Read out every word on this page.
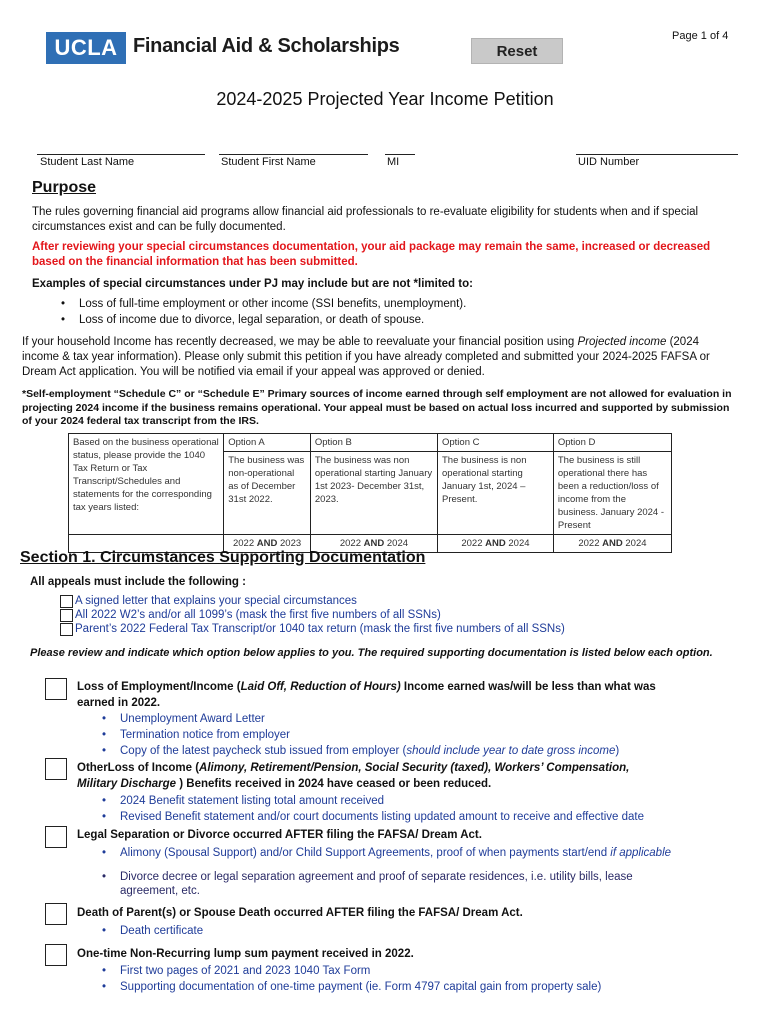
UCLA Financial Aid & Scholarships	Reset
Page 1 of 4
2024-2025 Projected Year Income Petition
Student Last Name	Student First Name	MI	UID Number
Purpose
The rules governing financial aid programs allow financial aid professionals to re-evaluate eligibility for students when and if special circumstances exist and can be fully documented.
After reviewing your special circumstances documentation, your aid package may remain the same, increased or decreased based on the financial information that has been submitted.
Examples of special circumstances under PJ may include but are not *limited to:
• Loss of full-time employment or other income (SSI benefits, unemployment).
• Loss of income due to divorce, legal separation, or death of spouse.
If your household Income has recently decreased, we may be able to reevaluate your financial position using Projected income (2024 income & tax year information). Please only submit this petition if you have already completed and submitted your 2024-2025 FAFSA or Dream Act application. You will be notified via email if your appeal was approved or denied.
*Self-employment “Schedule C” or “Schedule E” Primary sources of income earned through self employment are not allowed for evaluation in projecting 2024 income if the business remains operational. Your appeal must be based on actual loss incurred and supported by submission of your 2024 federal tax transcript from the IRS.
Based on the business operational status, please provide the 1040 Tax Return or Tax Transcript/Schedules and statements for the corresponding tax years listed:	Option A	Option B	Option C	Option D
	The business was non-operational as of December 31st 2022.	The business was non operational starting January 1st 2023- December 31st, 2023.	The business is non operational starting January 1st, 2024 – Present.	The business is still operational there has been a reduction/loss of income from the business. January 2024 - Present
	2022 AND 2023	2022 AND 2024	2022 AND 2024	2022 AND 2024
Section 1. Circumstances Supporting Documentation
All appeals must include the following :
A signed letter that explains your special circumstances
All 2022 W2’s and/or all 1099’s (mask the first five numbers of all SSNs)
Parent’s 2022 Federal Tax Transcript/or 1040 tax return (mask the first five numbers of all SSNs)
Please review and indicate which option below applies to you. The required supporting documentation is listed below each option.
Loss of Employment/Income (Laid Off, Reduction of Hours) Income earned was/will be less than what was earned in 2022.
• Unemployment Award Letter
• Termination notice from employer
• Copy of the latest paycheck stub issued from employer (should include year to date gross income)
OtherLoss of Income (Alimony, Retirement/Pension, Social Security (taxed), Workers’ Compensation, Military Discharge ) Benefits received in 2024 have ceased or been reduced.
• 2024 Benefit statement listing total amount received
• Revised Benefit statement and/or court documents listing updated amount to receive and effective date
Legal Separation or Divorce occurred AFTER filing the FAFSA/ Dream Act.
• Alimony (Spousal Support) and/or Child Support Agreements, proof of when payments start/end if applicable
• Divorce decree or legal separation agreement and proof of separate residences, i.e. utility bills, lease agreement, etc.
Death of Parent(s) or Spouse Death occurred AFTER filing the FAFSA/ Dream Act.
• Death certificate
One-time Non-Recurring lump sum payment received in 2022.
• First two pages of 2021 and 2023 1040 Tax Form
• Supporting documentation of one-time payment (ie. Form 4797 capital gain from property sale)
